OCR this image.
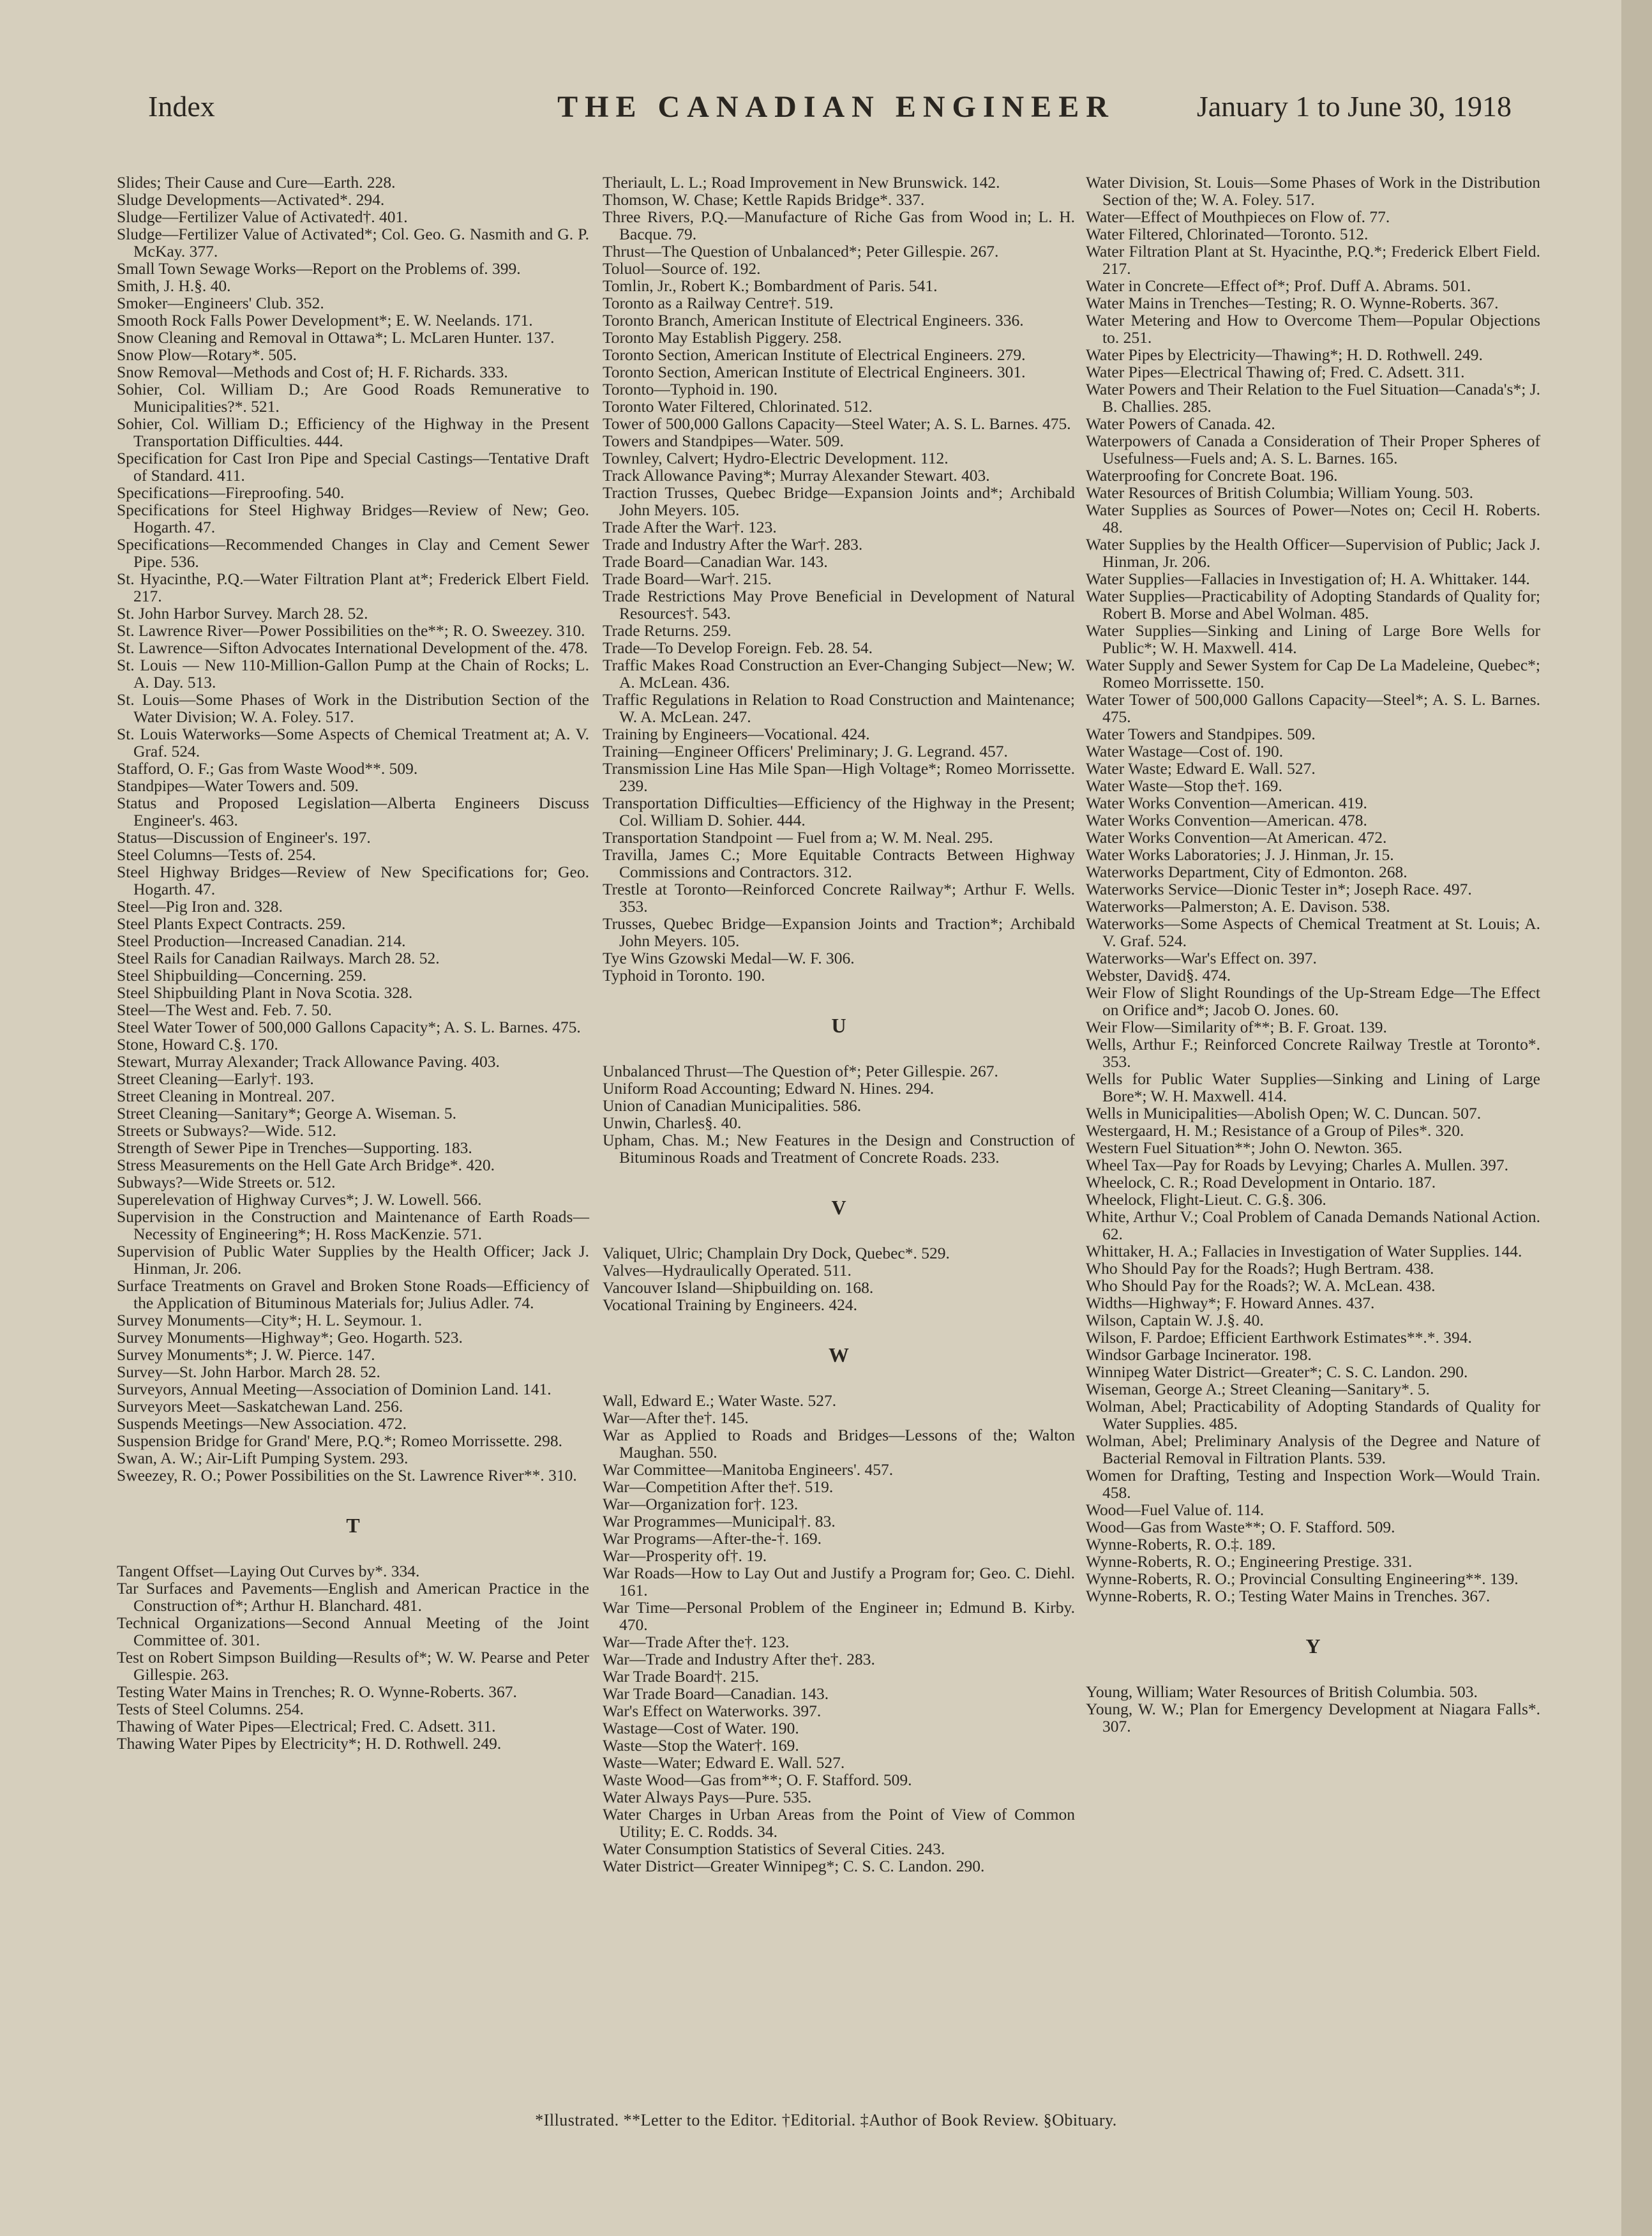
Index	THE CANADIAN ENGINEER	January 1 to June 30, 1918
Slides; Their Cause and Cure—Earth. 228.
Sludge Developments—Activated*. 294.
Sludge—Fertilizer Value of Activated†. 401.
Sludge—Fertilizer Value of Activated*; Col. Geo. G. Nasmith and G. P. McKay. 377.
Small Town Sewage Works—Report on the Problems of. 399.
Smith, J. H.§. 40.
Smoker—Engineers' Club. 352.
Smooth Rock Falls Power Development*; E. W. Neelands. 171.
Snow Cleaning and Removal in Ottawa*; L. McLaren Hunter. 137.
Snow Plow—Rotary*. 505.
Snow Removal—Methods and Cost of; H. F. Richards. 333.
Sohier, Col. William D.; Are Good Roads Remunerative to Municipalities?*. 521.
Sohier, Col. William D.; Efficiency of the Highway in the Present Transportation Difficulties. 444.
Specification for Cast Iron Pipe and Special Castings—Tentative Draft of Standard. 411.
Specifications—Fireproofing. 540.
Specifications for Steel Highway Bridges—Review of New; Geo. Hogarth. 47.
Specifications—Recommended Changes in Clay and Cement Sewer Pipe. 536.
St. Hyacinthe, P.Q.—Water Filtration Plant at*; Frederick Elbert Field. 217.
St. John Harbor Survey. March 28. 52.
St. Lawrence River—Power Possibilities on the**; R. O. Sweezey. 310.
St. Lawrence—Sifton Advocates International Development of the. 478.
St. Louis — New 110-Million-Gallon Pump at the Chain of Rocks; L. A. Day. 513.
St. Louis—Some Phases of Work in the Distribution Section of the Water Division; W. A. Foley. 517.
St. Louis Waterworks—Some Aspects of Chemical Treatment at; A. V. Graf. 524.
Stafford, O. F.; Gas from Waste Wood**. 509.
Standpipes—Water Towers and. 509.
Status and Proposed Legislation—Alberta Engineers Discuss Engineer's. 463.
Status—Discussion of Engineer's. 197.
Steel Columns—Tests of. 254.
Steel Highway Bridges—Review of New Specifications for; Geo. Hogarth. 47.
Steel—Pig Iron and. 328.
Steel Plants Expect Contracts. 259.
Steel Production—Increased Canadian. 214.
Steel Rails for Canadian Railways. March 28. 52.
Steel Shipbuilding—Concerning. 259.
Steel Shipbuilding Plant in Nova Scotia. 328.
Steel—The West and. Feb. 7. 50.
Steel Water Tower of 500,000 Gallons Capacity*; A. S. L. Barnes. 475.
Stone, Howard C.§. 170.
Stewart, Murray Alexander; Track Allowance Paving. 403.
Street Cleaning—Early†. 193.
Street Cleaning in Montreal. 207.
Street Cleaning—Sanitary*; George A. Wiseman. 5.
Streets or Subways?—Wide. 512.
Strength of Sewer Pipe in Trenches—Supporting. 183.
Stress Measurements on the Hell Gate Arch Bridge*. 420.
Subways?—Wide Streets or. 512.
Superelevation of Highway Curves*; J. W. Lowell. 566.
Supervision in the Construction and Maintenance of Earth Roads—Necessity of Engineering*; H. Ross MacKenzie. 571.
Supervision of Public Water Supplies by the Health Officer; Jack J. Hinman, Jr. 206.
Surface Treatments on Gravel and Broken Stone Roads—Efficiency of the Application of Bituminous Materials for; Julius Adler. 74.
Survey Monuments—City*; H. L. Seymour. 1.
Survey Monuments—Highway*; Geo. Hogarth. 523.
Survey Monuments*; J. W. Pierce. 147.
Survey—St. John Harbor. March 28. 52.
Surveyors, Annual Meeting—Association of Dominion Land. 141.
Surveyors Meet—Saskatchewan Land. 256.
Suspends Meetings—New Association. 472.
Suspension Bridge for Grand' Mere, P.Q.*; Romeo Morrissette. 298.
Swan, A. W.; Air-Lift Pumping System. 293.
Sweezey, R. O.; Power Possibilities on the St. Lawrence River**. 310.
T
Tangent Offset—Laying Out Curves by*. 334.
Tar Surfaces and Pavements—English and American Practice in the Construction of*; Arthur H. Blanchard. 481.
Technical Organizations—Second Annual Meeting of the Joint Committee of. 301.
Test on Robert Simpson Building—Results of*; W. W. Pearse and Peter Gillespie. 263.
Testing Water Mains in Trenches; R. O. Wynne-Roberts. 367.
Tests of Steel Columns. 254.
Thawing of Water Pipes—Electrical; Fred. C. Adsett. 311.
Thawing Water Pipes by Electricity*; H. D. Rothwell. 249.
Theriault, L. L.; Road Improvement in New Brunswick. 142.
Thomson, W. Chase; Kettle Rapids Bridge*. 337.
Three Rivers, P.Q.—Manufacture of Riche Gas from Wood in; L. H. Bacque. 79.
Thrust—The Question of Unbalanced*; Peter Gillespie. 267.
Toluol—Source of. 192.
Tomlin, Jr., Robert K.; Bombardment of Paris. 541.
Toronto as a Railway Centre†. 519.
Toronto Branch, American Institute of Electrical Engineers. 336.
Toronto May Establish Piggery. 258.
Toronto Section, American Institute of Electrical Engineers. 279.
Toronto Section, American Institute of Electrical Engineers. 301.
Toronto—Typhoid in. 190.
Toronto Water Filtered, Chlorinated. 512.
Tower of 500,000 Gallons Capacity—Steel Water; A. S. L. Barnes. 475.
Towers and Standpipes—Water. 509.
Townley, Calvert; Hydro-Electric Development. 112.
Track Allowance Paving*; Murray Alexander Stewart. 403.
Traction Trusses, Quebec Bridge—Expansion Joints and*; Archibald John Meyers. 105.
Trade After the War†. 123.
Trade and Industry After the War†. 283.
Trade Board—Canadian War. 143.
Trade Board—War†. 215.
Trade Restrictions May Prove Beneficial in Development of Natural Resources†. 543.
Trade Returns. 259.
Trade—To Develop Foreign. Feb. 28. 54.
Traffic Makes Road Construction an Ever-Changing Subject—New; W. A. McLean. 436.
Traffic Regulations in Relation to Road Construction and Maintenance; W. A. McLean. 247.
Training by Engineers—Vocational. 424.
Training—Engineer Officers' Preliminary; J. G. Legrand. 457.
Transmission Line Has Mile Span—High Voltage*; Romeo Morrissette. 239.
Transportation Difficulties—Efficiency of the Highway in the Present; Col. William D. Sohier. 444.
Transportation Standpoint — Fuel from a; W. M. Neal. 295.
Travilla, James C.; More Equitable Contracts Between Highway Commissions and Contractors. 312.
Trestle at Toronto—Reinforced Concrete Railway*; Arthur F. Wells. 353.
Trusses, Quebec Bridge—Expansion Joints and Traction*; Archibald John Meyers. 105.
Tye Wins Gzowski Medal—W. F. 306.
Typhoid in Toronto. 190.
U
Unbalanced Thrust—The Question of*; Peter Gillespie. 267.
Uniform Road Accounting; Edward N. Hines. 294.
Union of Canadian Municipalities. 586.
Unwin, Charles§. 40.
Upham, Chas. M.; New Features in the Design and Construction of Bituminous Roads and Treatment of Concrete Roads. 233.
V
Valiquet, Ulric; Champlain Dry Dock, Quebec*. 529.
Valves—Hydraulically Operated. 511.
Vancouver Island—Shipbuilding on. 168.
Vocational Training by Engineers. 424.
W
Wall, Edward E.; Water Waste. 527.
War—After the†. 145.
War as Applied to Roads and Bridges—Lessons of the; Walton Maughan. 550.
War Committee—Manitoba Engineers'. 457.
War—Competition After the†. 519.
War—Organization for†. 123.
War Programmes—Municipal†. 83.
War Programs—After-the-†. 169.
War—Prosperity of†. 19.
War Roads—How to Lay Out and Justify a Program for; Geo. C. Diehl. 161.
War Time—Personal Problem of the Engineer in; Edmund B. Kirby. 470.
War—Trade After the†. 123.
War—Trade and Industry After the†. 283.
War Trade Board†. 215.
War Trade Board—Canadian. 143.
War's Effect on Waterworks. 397.
Wastage—Cost of Water. 190.
Waste—Stop the Water†. 169.
Waste—Water; Edward E. Wall. 527.
Waste Wood—Gas from**; O. F. Stafford. 509.
Water Always Pays—Pure. 535.
Water Charges in Urban Areas from the Point of View of Common Utility; E. C. Rodds. 34.
Water Consumption Statistics of Several Cities. 243.
Water District—Greater Winnipeg*; C. S. C. Landon. 290.
Water Division, St. Louis—Some Phases of Work in the Distribution Section of the; W. A. Foley. 517.
Water—Effect of Mouthpieces on Flow of. 77.
Water Filtered, Chlorinated—Toronto. 512.
Water Filtration Plant at St. Hyacinthe, P.Q.*; Frederick Elbert Field. 217.
Water in Concrete—Effect of*; Prof. Duff A. Abrams. 501.
Water Mains in Trenches—Testing; R. O. Wynne-Roberts. 367.
Water Metering and How to Overcome Them—Popular Objections to. 251.
Water Pipes by Electricity—Thawing*; H. D. Rothwell. 249.
Water Pipes—Electrical Thawing of; Fred. C. Adsett. 311.
Water Powers and Their Relation to the Fuel Situation—Canada's*; J. B. Challies. 285.
Water Powers of Canada. 42.
Waterpowers of Canada a Consideration of Their Proper Spheres of Usefulness—Fuels and; A. S. L. Barnes. 165.
Waterproofing for Concrete Boat. 196.
Water Resources of British Columbia; William Young. 503.
Water Supplies as Sources of Power—Notes on; Cecil H. Roberts. 48.
Water Supplies by the Health Officer—Supervision of Public; Jack J. Hinman, Jr. 206.
Water Supplies—Fallacies in Investigation of; H. A. Whittaker. 144.
Water Supplies—Practicability of Adopting Standards of Quality for; Robert B. Morse and Abel Wolman. 485.
Water Supplies—Sinking and Lining of Large Bore Wells for Public*; W. H. Maxwell. 414.
Water Supply and Sewer System for Cap De La Madeleine, Quebec*; Romeo Morrissette. 150.
Water Tower of 500,000 Gallons Capacity—Steel*; A. S. L. Barnes. 475.
Water Towers and Standpipes. 509.
Water Wastage—Cost of. 190.
Water Waste; Edward E. Wall. 527.
Water Waste—Stop the†. 169.
Water Works Convention—American. 419.
Water Works Convention—American. 478.
Water Works Convention—At American. 472.
Water Works Laboratories; J. J. Hinman, Jr. 15.
Waterworks Department, City of Edmonton. 268.
Waterworks Service—Dionic Tester in*; Joseph Race. 497.
Waterworks—Palmerston; A. E. Davison. 538.
Waterworks—Some Aspects of Chemical Treatment at St. Louis; A. V. Graf. 524.
Waterworks—War's Effect on. 397.
Webster, David§. 474.
Weir Flow of Slight Roundings of the Up-Stream Edge—The Effect on Orifice and*; Jacob O. Jones. 60.
Weir Flow—Similarity of**; B. F. Groat. 139.
Wells, Arthur F.; Reinforced Concrete Railway Trestle at Toronto*. 353.
Wells for Public Water Supplies—Sinking and Lining of Large Bore*; W. H. Maxwell. 414.
Wells in Municipalities—Abolish Open; W. C. Duncan. 507.
Westergaard, H. M.; Resistance of a Group of Piles*. 320.
Western Fuel Situation**; John O. Newton. 365.
Wheel Tax—Pay for Roads by Levying; Charles A. Mullen. 397.
Wheelock, C. R.; Road Development in Ontario. 187.
Wheelock, Flight-Lieut. C. G.§. 306.
White, Arthur V.; Coal Problem of Canada Demands National Action. 62.
Whittaker, H. A.; Fallacies in Investigation of Water Supplies. 144.
Who Should Pay for the Roads?; Hugh Bertram. 438.
Who Should Pay for the Roads?; W. A. McLean. 438.
Widths—Highway*; F. Howard Annes. 437.
Wilson, Captain W. J.§. 40.
Wilson, F. Pardoe; Efficient Earthwork Estimates**.*. 394.
Windsor Garbage Incinerator. 198.
Winnipeg Water District—Greater*; C. S. C. Landon. 290.
Wiseman, George A.; Street Cleaning—Sanitary*. 5.
Wolman, Abel; Practicability of Adopting Standards of Quality for Water Supplies. 485.
Wolman, Abel; Preliminary Analysis of the Degree and Nature of Bacterial Removal in Filtration Plants. 539.
Women for Drafting, Testing and Inspection Work—Would Train. 458.
Wood—Fuel Value of. 114.
Wood—Gas from Waste**; O. F. Stafford. 509.
Wynne-Roberts, R. O.‡. 189.
Wynne-Roberts, R. O.; Engineering Prestige. 331.
Wynne-Roberts, R. O.; Provincial Consulting Engineering**. 139.
Wynne-Roberts, R. O.; Testing Water Mains in Trenches. 367.
Y
Young, William; Water Resources of British Columbia. 503.
Young, W. W.; Plan for Emergency Development at Niagara Falls*. 307.
*Illustrated. **Letter to the Editor. †Editorial. ‡Author of Book Review. §Obituary.
